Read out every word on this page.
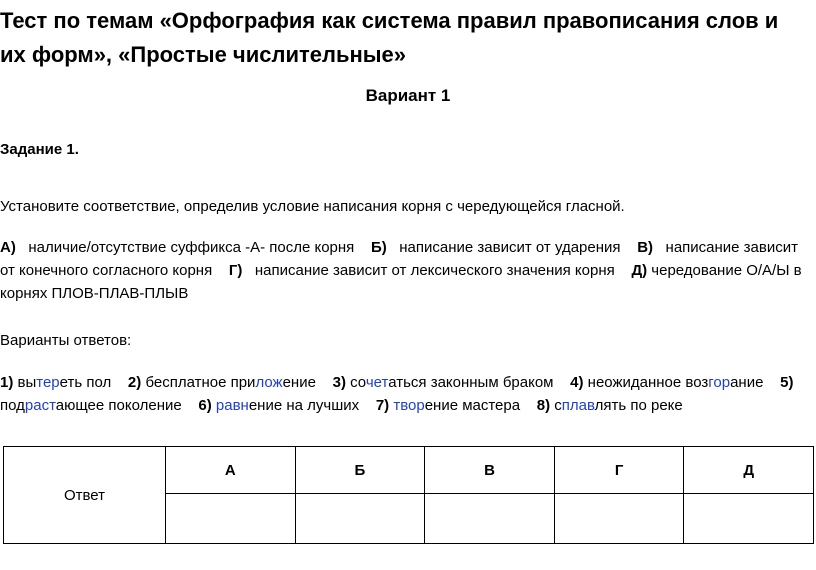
Тест по темам «Орфография как система правил правописания слов и
их форм», «Простые числительные»
Вариант 1
Задание 1.
Установите соответствие, определив условие написания корня с чередующейся гласной.
А) наличие/отсутствие суффикса -А- после корня Б) написание зависит от ударения В) написание зависит от конечного согласного корня Г) написание зависит от лексического значения корня Д) чередование О/А/Ы в корнях ПЛОВ-ПЛАВ-ПЛЫВ
Варианты ответов:
1) вытереть пол 2) бесплатное приложение 3) сочетаться законным браком 4) неожиданное возгорание 5) подрастающее поколение 6) равнение на лучших 7) творение мастера 8) сплавлять по реке
Ответ	А	Б	В	Г	Д
